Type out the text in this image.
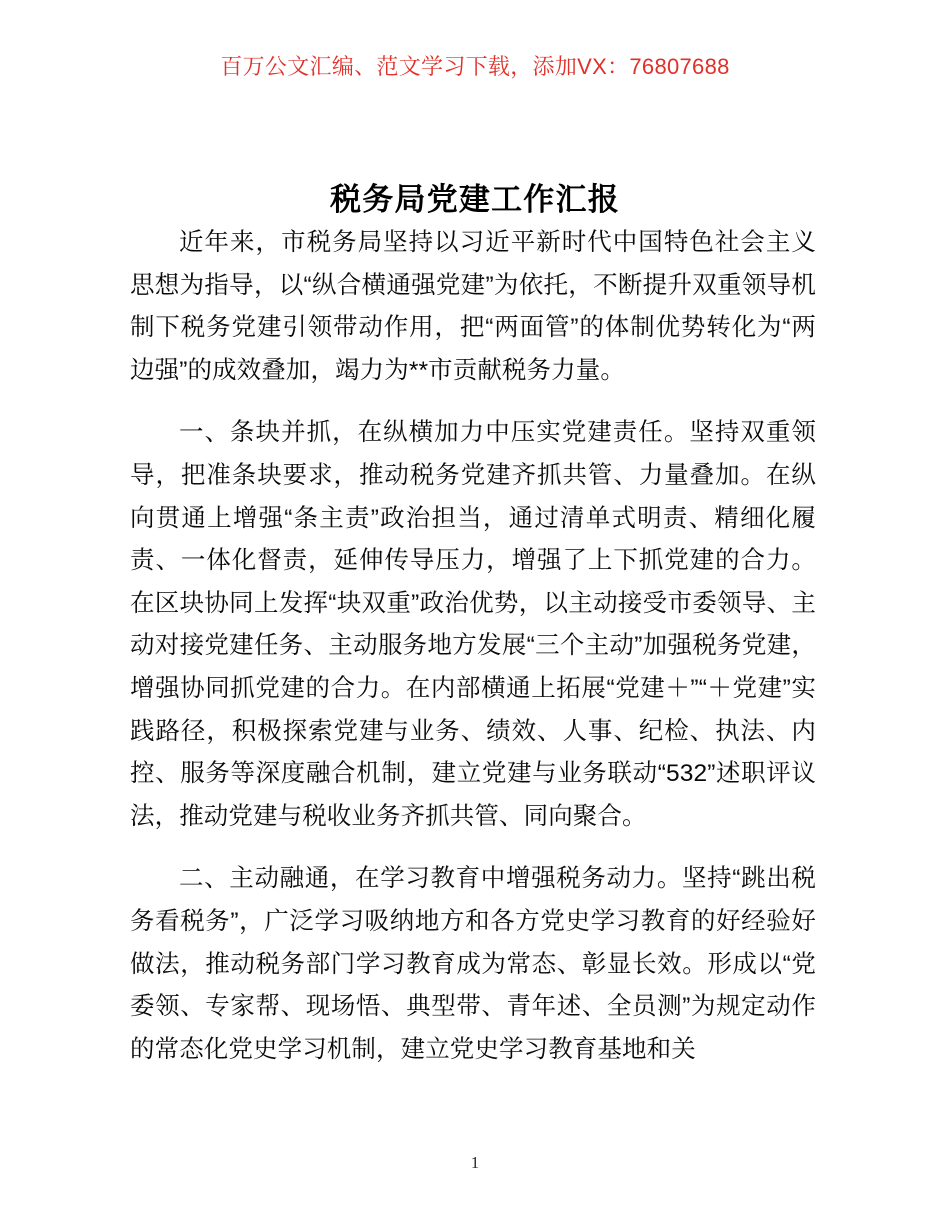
百万公文汇编、范文学习下载，添加VX：76807688
税务局党建工作汇报

近年来，市税务局坚持以习近平新时代中国特色社会主义思想为指导，以“纵合横通强党建”为依托，不断提升双重领导机制下税务党建引领带动作用，把“两面管”的体制优势转化为“两边强”的成效叠加，竭力为**市贡献税务力量。

一、条块并抓，在纵横加力中压实党建责任。坚持双重领导，把准条块要求，推动税务党建齐抓共管、力量叠加。在纵向贯通上增强“条主责”政治担当，通过清单式明责、精细化履责、一体化督责，延伸传导压力，增强了上下抓党建的合力。在区块协同上发挥“块双重”政治优势，以主动接受市委领导、主动对接党建任务、主动服务地方发展“三个主动”加强税务党建，增强协同抓党建的合力。在内部横通上拓展“党建＋”“＋党建”实践路径，积极探索党建与业务、绩效、人事、纪检、执法、内控、服务等深度融合机制，建立党建与业务联动“532”述职评议法，推动党建与税收业务齐抓共管、同向聚合。

二、主动融通，在学习教育中增强税务动力。坚持“跳出税务看税务”，广泛学习吸纳地方和各方党史学习教育的好经验好做法，推动税务部门学习教育成为常态、彰显长效。形成以“党委领、专家帮、现场悟、典型带、青年述、全员测”为规定动作的常态化党史学习机制，建立党史学习教育基地和关

1
